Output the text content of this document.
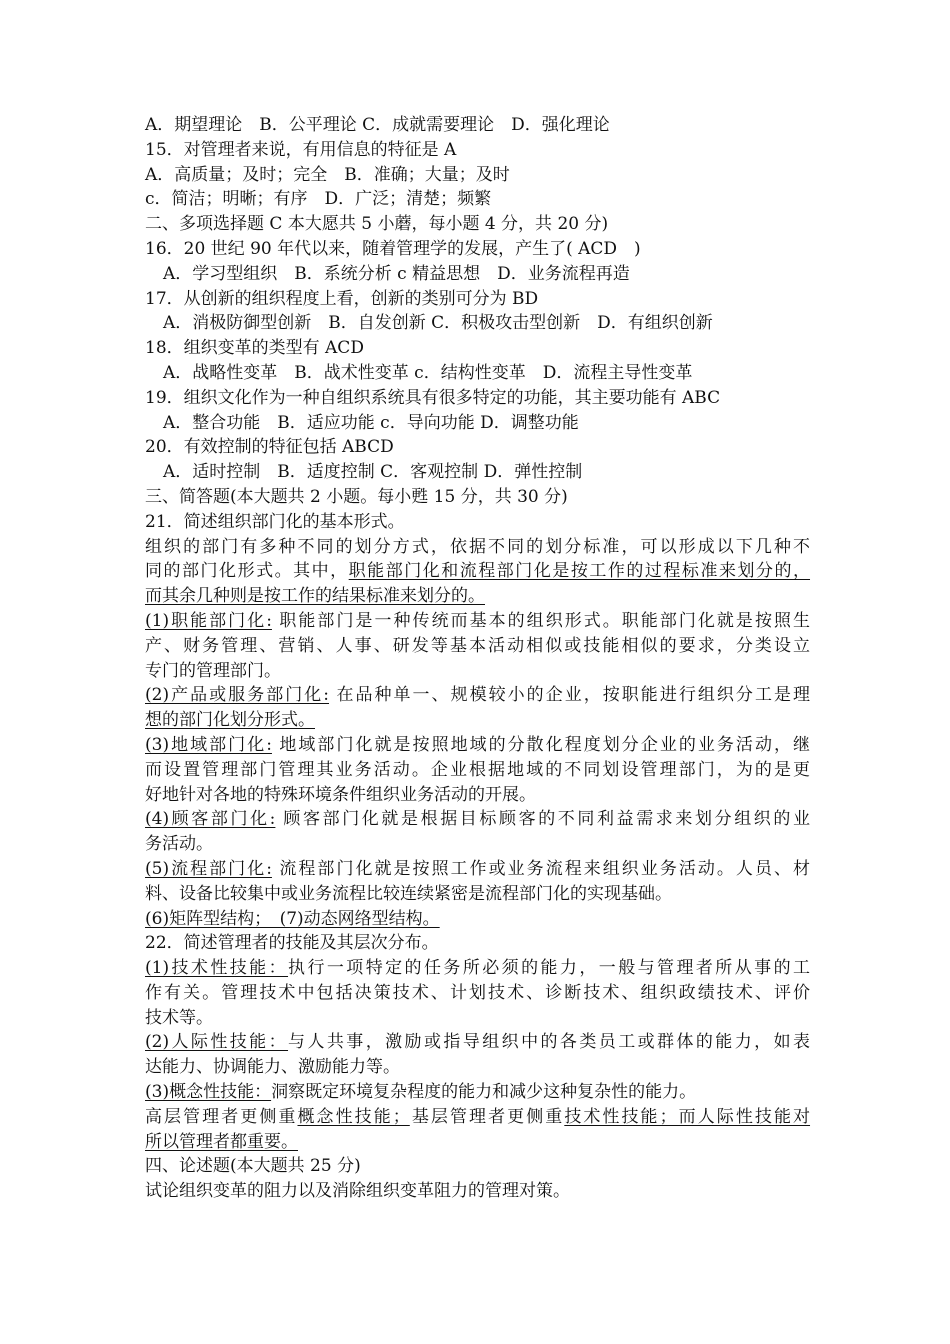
A．期望理论　B．公平理论 C．成就需要理论　D．强化理论
15．对管理者来说，有用信息的特征是 A
A．高质量；及时；完全　B．准确；大量；及时
c．简洁；明晰；有序　D．广泛；清楚；频繁
二、多项选择题 C 本大愿共 5 小蘑，每小题 4 分，共 20 分)
16．20 世纪 90 年代以来，随着管理学的发展，产生了( ACD　)
A．学习型组织　B．系统分析 c 精益思想　D．业务流程再造
17．从创新的组织程度上看，创新的类别可分为 BD
A．消极防御型创新　B．自发创新 C．积极攻击型创新　D．有组织创新
18．组织变革的类型有 ACD
A．战略性变革　B．战术性变革 c．结构性变革　D．流程主导性变革
19．组织文化作为一种自组织系统具有很多特定的功能，其主要功能有 ABC
A．整合功能　B．适应功能 c．导向功能 D．调整功能
20．有效控制的特征包括 ABCD
A．适时控制　B．适度控制 C．客观控制 D．弹性控制
三、简答题(本大题共 2 小题。每小甦 15 分，共 30 分)
21．简述组织部门化的基本形式。
组织的部门有多种不同的划分方式，依据不同的划分标准，可以形成以下几种不
同的部门化形式。其中，职能部门化和流程部门化是按工作的过程标准来划分的，
而其余几种则是按工作的结果标准来划分的。
(1)职能部门化: 职能部门是一种传统而基本的组织形式。职能部门化就是按照生
产、财务管理、营销、人事、研发等基本活动相似或技能相似的要求，分类设立
专门的管理部门。
(2)产品或服务部门化: 在品种单一、规模较小的企业，按职能进行组织分工是理
想的部门化划分形式。
(3)地域部门化: 地域部门化就是按照地域的分散化程度划分企业的业务活动，继
而设置管理部门管理其业务活动。企业根据地域的不同划设管理部门，为的是更
好地针对各地的特殊环境条件组织业务活动的开展。
(4)顾客部门化: 顾客部门化就是根据目标顾客的不同利益需求来划分组织的业
务活动。
(5)流程部门化: 流程部门化就是按照工作或业务流程来组织业务活动。人员、材
料、设备比较集中或业务流程比较连续紧密是流程部门化的实现基础。
(6)矩阵型结构；　(7)动态网络型结构。
22．简述管理者的技能及其层次分布。
(1)技术性技能：执行一项特定的任务所必须的能力，一般与管理者所从事的工
作有关。管理技术中包括决策技术、计划技术、诊断技术、组织政绩技术、评价
技术等。
(2)人际性技能：与人共事，激励或指导组织中的各类员工或群体的能力，如表
达能力、协调能力、激励能力等。
(3)概念性技能：洞察既定环境复杂程度的能力和减少这种复杂性的能力。
高层管理者更侧重概念性技能；基层管理者更侧重技术性技能；而人际性技能对
所以管理者都重要。
四、论述题(本大题共 25 分)
试论组织变革的阻力以及消除组织变革阻力的管理对策。
